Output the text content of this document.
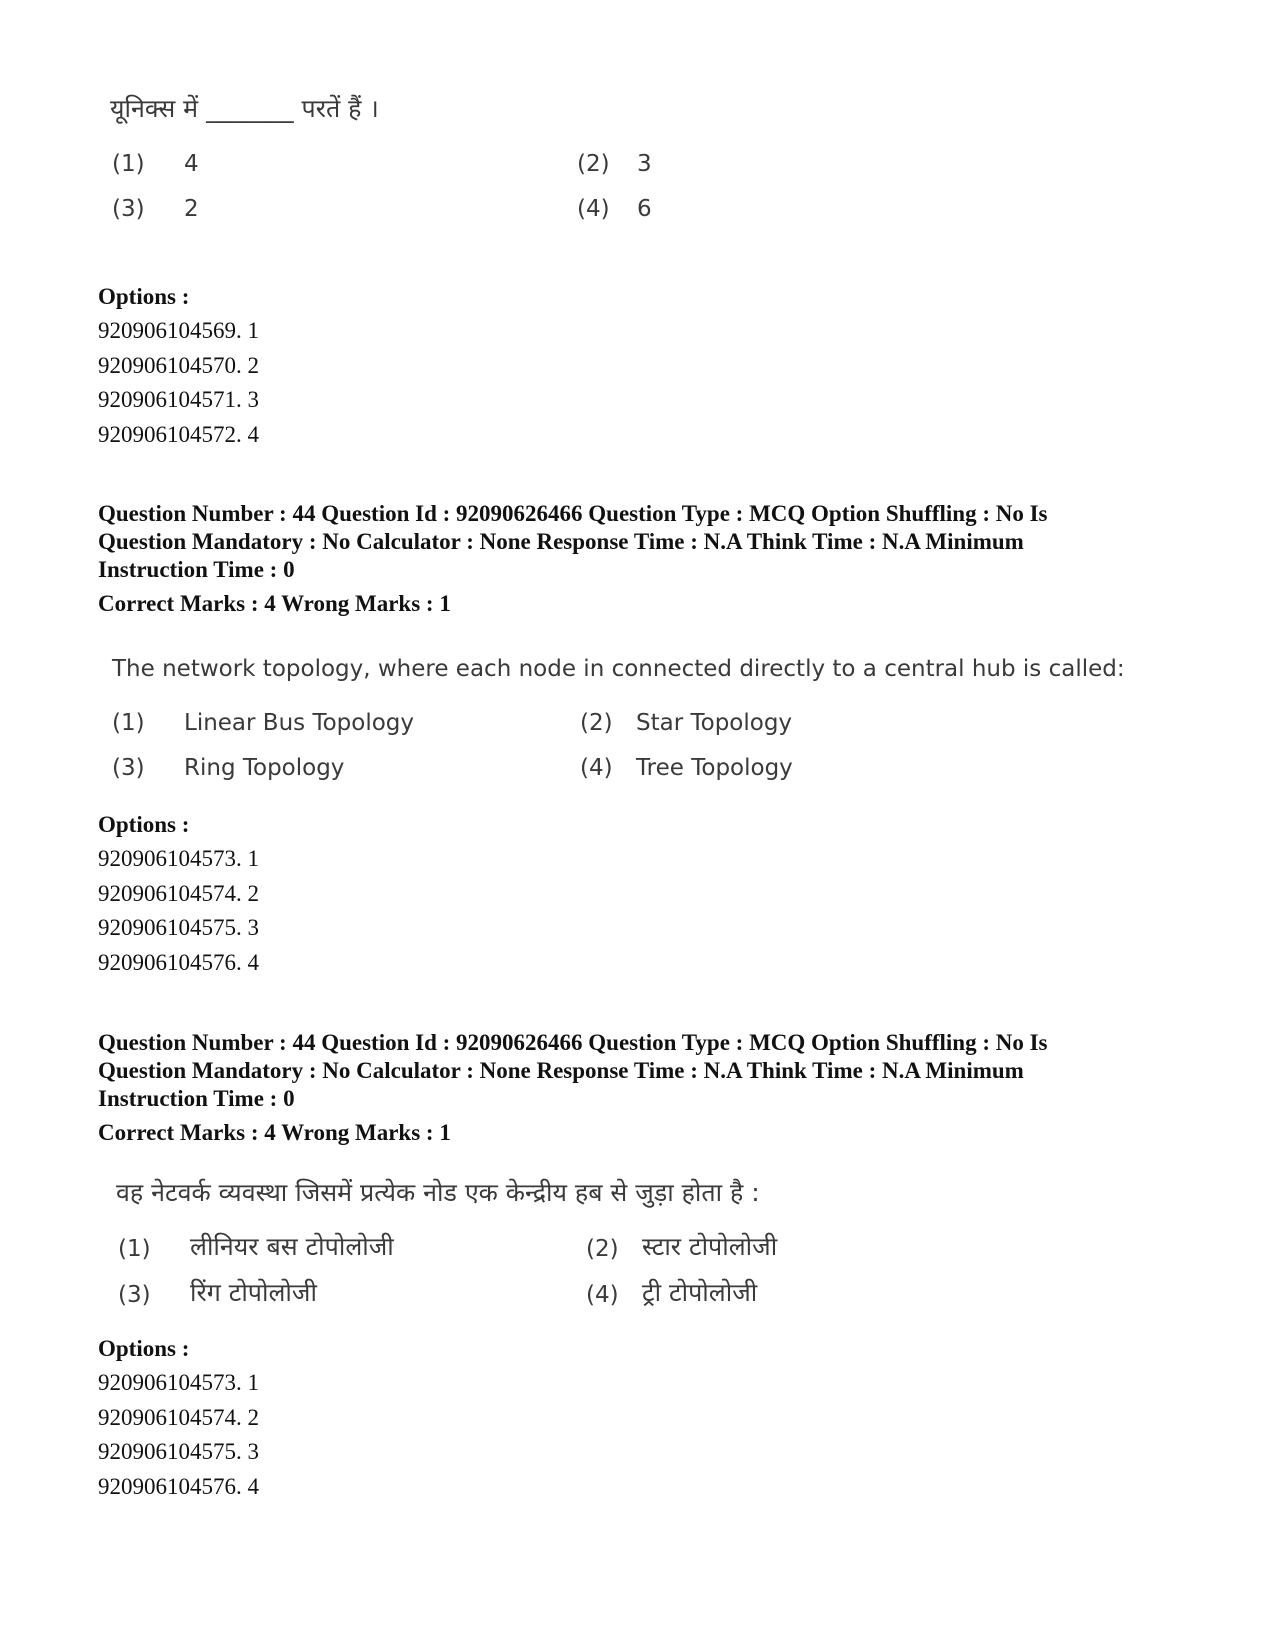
यूनिक्स में _______ परतें हैं ।
(1) 4	(2) 3
(3) 2	(4) 6
Options :
920906104569. 1
920906104570. 2
920906104571. 3
920906104572. 4
Question Number : 44 Question Id : 92090626466 Question Type : MCQ Option Shuffling : No Is
Question Mandatory : No Calculator : None Response Time : N.A Think Time : N.A Minimum
Instruction Time : 0
Correct Marks : 4 Wrong Marks : 1
The network topology, where each node in connected directly to a central hub is called:
(1) Linear Bus Topology	(2) Star Topology
(3) Ring Topology	(4) Tree Topology
Options :
920906104573. 1
920906104574. 2
920906104575. 3
920906104576. 4
Question Number : 44 Question Id : 92090626466 Question Type : MCQ Option Shuffling : No Is
Question Mandatory : No Calculator : None Response Time : N.A Think Time : N.A Minimum
Instruction Time : 0
Correct Marks : 4 Wrong Marks : 1
वह नेटवर्क व्यवस्था जिसमें प्रत्येक नोड एक केन्द्रीय हब से जुड़ा होता है :
(1) लीनियर बस टोपोलोजी	(2) स्टार टोपोलोजी
(3) रिंग टोपोलोजी	(4) ट्री टोपोलोजी
Options :
920906104573. 1
920906104574. 2
920906104575. 3
920906104576. 4
